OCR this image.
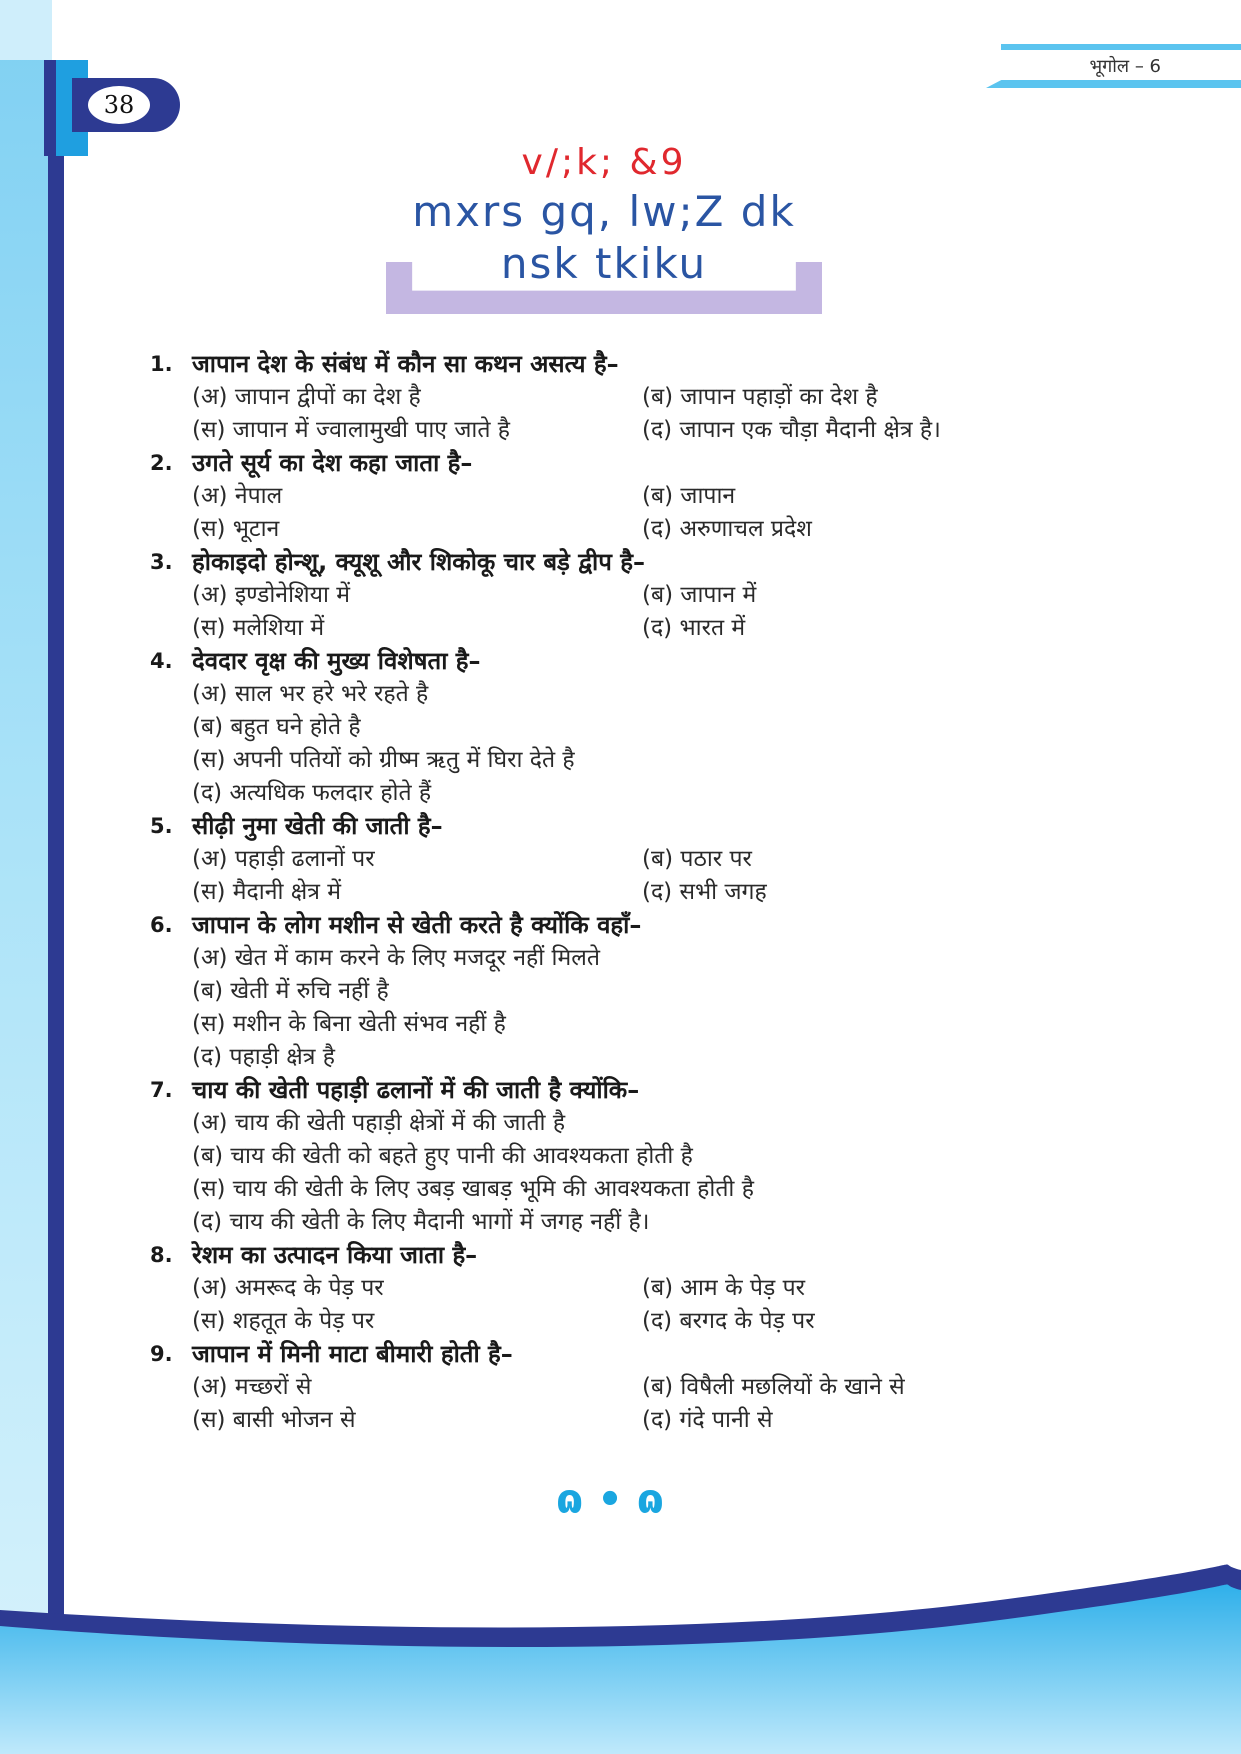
38
भूगोल – 6
v/;k; &9
mxrs gq, lw;Z dk
nsk tkiku
1. जापान देश के संबंध में कौन सा कथन असत्य है–
(अ) जापान द्वीपों का देश है	(ब) जापान पहाड़ों का देश है
(स) जापान में ज्वालामुखी पाए जाते है	(द) जापान एक चौड़ा मैदानी क्षेत्र है।
2. उगते सूर्य का देश कहा जाता है–
(अ) नेपाल	(ब) जापान
(स) भूटान	(द) अरुणाचल प्रदेश
3. होकाइदो होन्शू, क्यूशू और शिकोकू चार बड़े द्वीप है–
(अ) इण्डोनेशिया में	(ब) जापान में
(स) मलेशिया में	(द) भारत में
4. देवदार वृक्ष की मुख्य विशेषता है–
(अ) साल भर हरे भरे रहते है
(ब) बहुत घने होते है
(स) अपनी पतियों को ग्रीष्म ऋतु में घिरा देते है
(द) अत्यधिक फलदार होते हैं
5. सीढ़ी नुमा खेती की जाती है–
(अ) पहाड़ी ढलानों पर	(ब) पठार पर
(स) मैदानी क्षेत्र में	(द) सभी जगह
6. जापान के लोग मशीन से खेती करते है क्योंकि वहाँ–
(अ) खेत में काम करने के लिए मजदूर नहीं मिलते
(ब) खेती में रुचि नहीं है
(स) मशीन के बिना खेती संभव नहीं है
(द) पहाड़ी क्षेत्र है
7. चाय की खेती पहाड़ी ढलानों में की जाती है क्योंकि–
(अ) चाय की खेती पहाड़ी क्षेत्रों में की जाती है
(ब) चाय की खेती को बहते हुए पानी की आवश्यकता होती है
(स) चाय की खेती के लिए उबड़ खाबड़ भूमि की आवश्यकता होती है
(द) चाय की खेती के लिए मैदानी भागों में जगह नहीं है।
8. रेशम का उत्पादन किया जाता है–
(अ) अमरूद के पेड़ पर	(ब) आम के पेड़ पर
(स) शहतूत के पेड़ पर	(द) बरगद के पेड़ पर
9. जापान में मिनी माटा बीमारी होती है–
(अ) मच्छरों से	(ब) विषैली मछलियों के खाने से
(स) बासी भोजन से	(द) गंदे पानी से
ɷ • ɷ
